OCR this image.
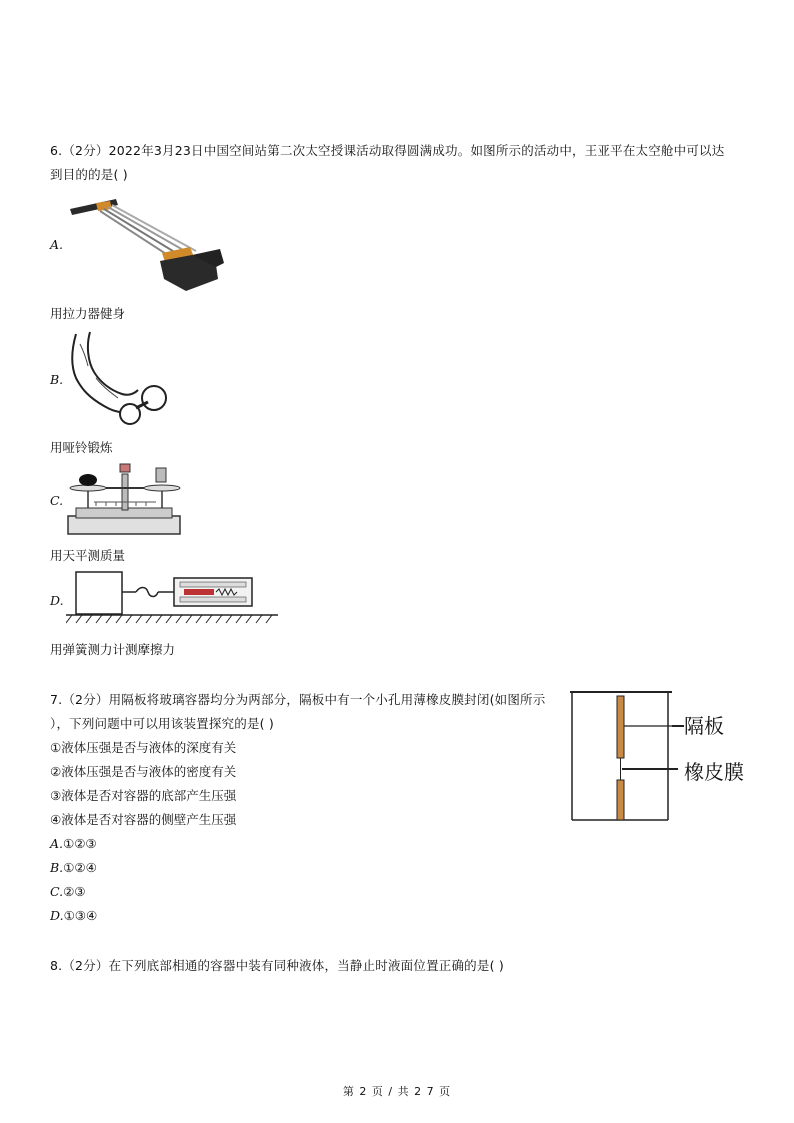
6.（2分）2022年3月23日中国空间站第二次太空授课活动取得圆满成功。如图所示的活动中，王亚平在太空舱中可以达
到目的的是( )
A.
用拉力器健身
B.
用哑铃锻炼
C.
用天平测质量
D.
用弹簧测力计测摩擦力
7.（2分）用隔板将玻璃容器均分为两部分，隔板中有一个小孔用薄橡皮膜封闭(如图所示
），下列问题中可以用该装置探究的是( )
①液体压强是否与液体的深度有关
②液体压强是否与液体的密度有关
③液体是否对容器的底部产生压强
④液体是否对容器的侧壁产生压强
A.①②③
B.①②④
C.②③
D.①③④
隔板
橡皮膜
8.（2分）在下列底部相通的容器中装有同种液体，当静止时液面位置正确的是( )
第 2 页 / 共 2 7 页
